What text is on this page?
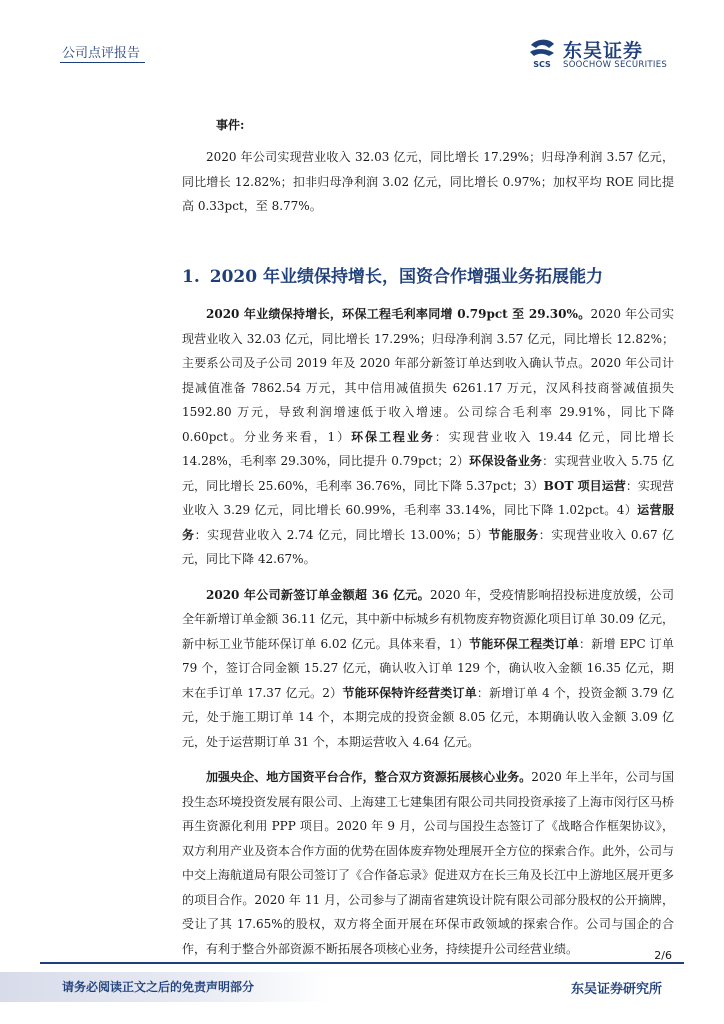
公司点评报告
SCS
东吴证券
SOOCHOW SECURITIES
事件:

2020 年公司实现营业收入 32.03 亿元，同比增长 17.29%；归母净利润 3.57 亿元，同比增长 12.82%；扣非归母净利润 3.02 亿元，同比增长 0.97%；加权平均 ROE 同比提高 0.33pct，至 8.77%。

1. 2020 年业绩保持增长，国资合作增强业务拓展能力

2020 年业绩保持增长，环保工程毛利率同增 0.79pct 至 29.30%。2020 年公司实现营业收入 32.03 亿元，同比增长 17.29%；归母净利润 3.57 亿元，同比增长 12.82%；主要系公司及子公司 2019 年及 2020 年部分新签订单达到收入确认节点。2020 年公司计提减值准备 7862.54 万元，其中信用减值损失 6261.17 万元，汉风科技商誉减值损失 1592.80 万元，导致利润增速低于收入增速。公司综合毛利率 29.91%，同比下降 0.60pct。分业务来看，1）环保工程业务：实现营业收入 19.44 亿元，同比增长 14.28%，毛利率 29.30%，同比提升 0.79pct；2）环保设备业务：实现营业收入 5.75 亿元，同比增长 25.60%，毛利率 36.76%，同比下降 5.37pct；3）BOT 项目运营：实现营业收入 3.29 亿元，同比增长 60.99%，毛利率 33.14%，同比下降 1.02pct。4）运营服务：实现营业收入 2.74 亿元，同比增长 13.00%；5）节能服务：实现营业收入 0.67 亿元，同比下降 42.67%。

2020 年公司新签订单金额超 36 亿元。2020 年，受疫情影响招投标进度放缓，公司全年新增订单金额 36.11 亿元，其中新中标城乡有机物废弃物资源化项目订单 30.09 亿元，新中标工业节能环保订单 6.02 亿元。具体来看，1）节能环保工程类订单：新增 EPC 订单 79 个，签订合同金额 15.27 亿元，确认收入订单 129 个，确认收入金额 16.35 亿元，期末在手订单 17.37 亿元。2）节能环保特许经营类订单：新增订单 4 个，投资金额 3.79 亿元，处于施工期订单 14 个，本期完成的投资金额 8.05 亿元，本期确认收入金额 3.09 亿元，处于运营期订单 31 个，本期运营收入 4.64 亿元。

加强央企、地方国资平台合作，整合双方资源拓展核心业务。2020 年上半年，公司与国投生态环境投资发展有限公司、上海建工七建集团有限公司共同投资承接了上海市闵行区马桥再生资源化利用 PPP 项目。2020 年 9 月，公司与国投生态签订了《战略合作框架协议》，双方利用产业及资本合作方面的优势在固体废弃物处理展开全方位的探索合作。此外，公司与中交上海航道局有限公司签订了《合作备忘录》促进双方在长三角及长江中上游地区展开更多的项目合作。2020 年 11 月，公司参与了湖南省建筑设计院有限公司部分股权的公开摘牌，受让了其 17.65%的股权，双方将全面开展在环保市政领域的探索合作。公司与国企的合作，有利于整合外部资源不断拓展各项核心业务，持续提升公司经营业绩。	2/6
请务必阅读正文之后的免责声明部分	东吴证券研究所
